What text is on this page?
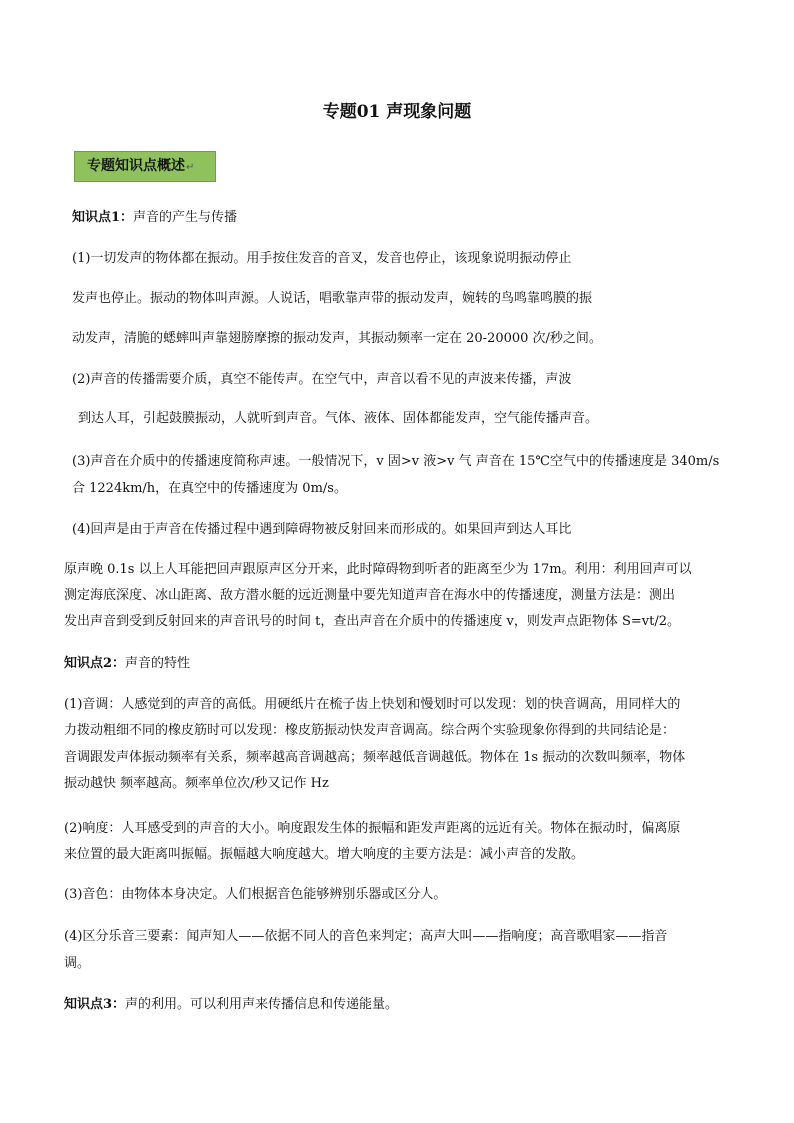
专题01 声现象问题
专题知识点概述↵
知识点1：声音的产生与传播
(1)一切发声的物体都在振动。用手按住发音的音叉，发音也停止，该现象说明振动停止
发声也停止。振动的物体叫声源。人说话，唱歌靠声带的振动发声，婉转的鸟鸣靠鸣膜的振
动发声，清脆的蟋蟀叫声靠翅膀摩擦的振动发声，其振动频率一定在 20-20000 次/秒之间。
(2)声音的传播需要介质，真空不能传声。在空气中，声音以看不见的声波来传播，声波
到达人耳，引起鼓膜振动，人就听到声音。气体、液体、固体都能发声，空气能传播声音。
(3)声音在介质中的传播速度简称声速。一般情况下，v 固>v 液>v 气 声音在 15℃空气中的传播速度是 340m/s
合 1224km/h，在真空中的传播速度为 0m/s。
(4)回声是由于声音在传播过程中遇到障碍物被反射回来而形成的。如果回声到达人耳比
原声晚 0.1s 以上人耳能把回声跟原声区分开来，此时障碍物到听者的距离至少为 17m。利用：利用回声可以
测定海底深度、冰山距离、敌方潜水艇的远近测量中要先知道声音在海水中的传播速度，测量方法是：测出
发出声音到受到反射回来的声音讯号的时间 t，查出声音在介质中的传播速度 v，则发声点距物体 S=vt/2。
知识点2：声音的特性
(1)音调：人感觉到的声音的高低。用硬纸片在梳子齿上快划和慢划时可以发现：划的快音调高，用同样大的
力拨动粗细不同的橡皮筋时可以发现：橡皮筋振动快发声音调高。综合两个实验现象你得到的共同结论是：
音调跟发声体振动频率有关系，频率越高音调越高；频率越低音调越低。物体在 1s 振动的次数叫频率，物体
振动越快 频率越高。频率单位次/秒又记作 Hz
(2)响度：人耳感受到的声音的大小。响度跟发生体的振幅和距发声距离的远近有关。物体在振动时，偏离原
来位置的最大距离叫振幅。振幅越大响度越大。增大响度的主要方法是：减小声音的发散。
(3)音色：由物体本身决定。人们根据音色能够辨别乐器或区分人。
(4)区分乐音三要素：闻声知人——依据不同人的音色来判定；高声大叫——指响度；高音歌唱家——指音
调。
知识点3：声的利用。可以利用声来传播信息和传递能量。
